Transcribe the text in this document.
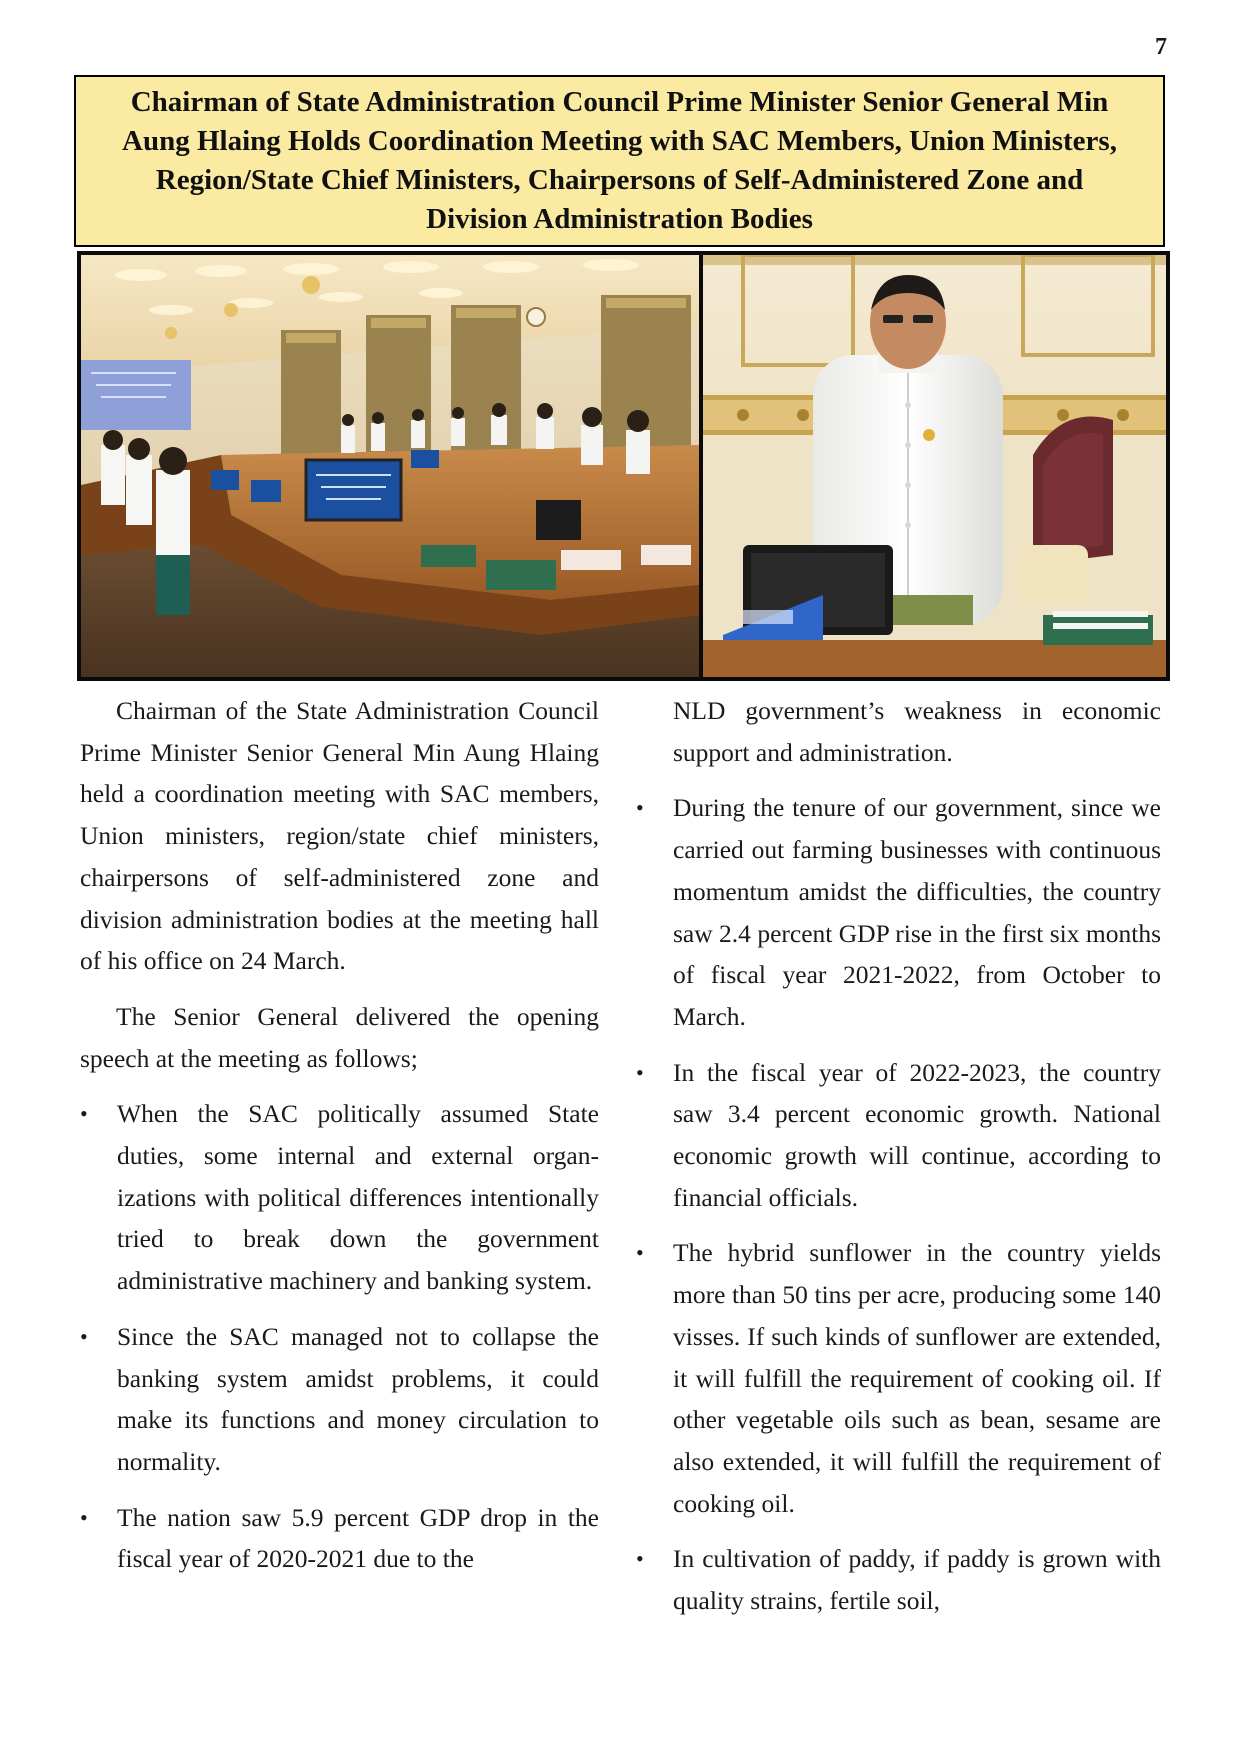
7
Chairman of State Administration Council Prime Minister Senior General Min Aung Hlaing Holds Coordination Meeting with SAC Members, Union Ministers, Region/State Chief Ministers, Chairpersons of Self-Administered Zone and Division Administration Bodies

Chairman of the State Administration Council Prime Minister Senior General Min Aung Hlaing held a coordination meeting with SAC members, Union ministers, region/state chief ministers, chairpersons of self-administered zone and division administration bodies at the meeting hall of his office on 24 March.

The Senior General delivered the opening speech at the meeting as follows;

• When the SAC politically assumed State duties, some internal and external organizations with political differences intentionally tried to break down the government administrative machinery and banking system.
• Since the SAC managed not to collapse the banking system amidst problems, it could make its functions and money circulation to normality.
• The nation saw 5.9 percent GDP drop in the fiscal year of 2020-2021 due to the

NLD government’s weakness in economic support and administration.

• During the tenure of our government, since we carried out farming businesses with continuous momentum amidst the difficulties, the country saw 2.4 percent GDP rise in the first six months of fiscal year 2021-2022, from October to March.
• In the fiscal year of 2022-2023, the country saw 3.4 percent economic growth. National economic growth will continue, according to financial officials.
• The hybrid sunflower in the country yields more than 50 tins per acre, producing some 140 visses. If such kinds of sunflower are extended, it will fulfill the requirement of cooking oil. If other vegetable oils such as bean, sesame are also extended, it will fulfill the requirement of cooking oil.
• In cultivation of paddy, if paddy is grown with quality strains, fertile soil,
